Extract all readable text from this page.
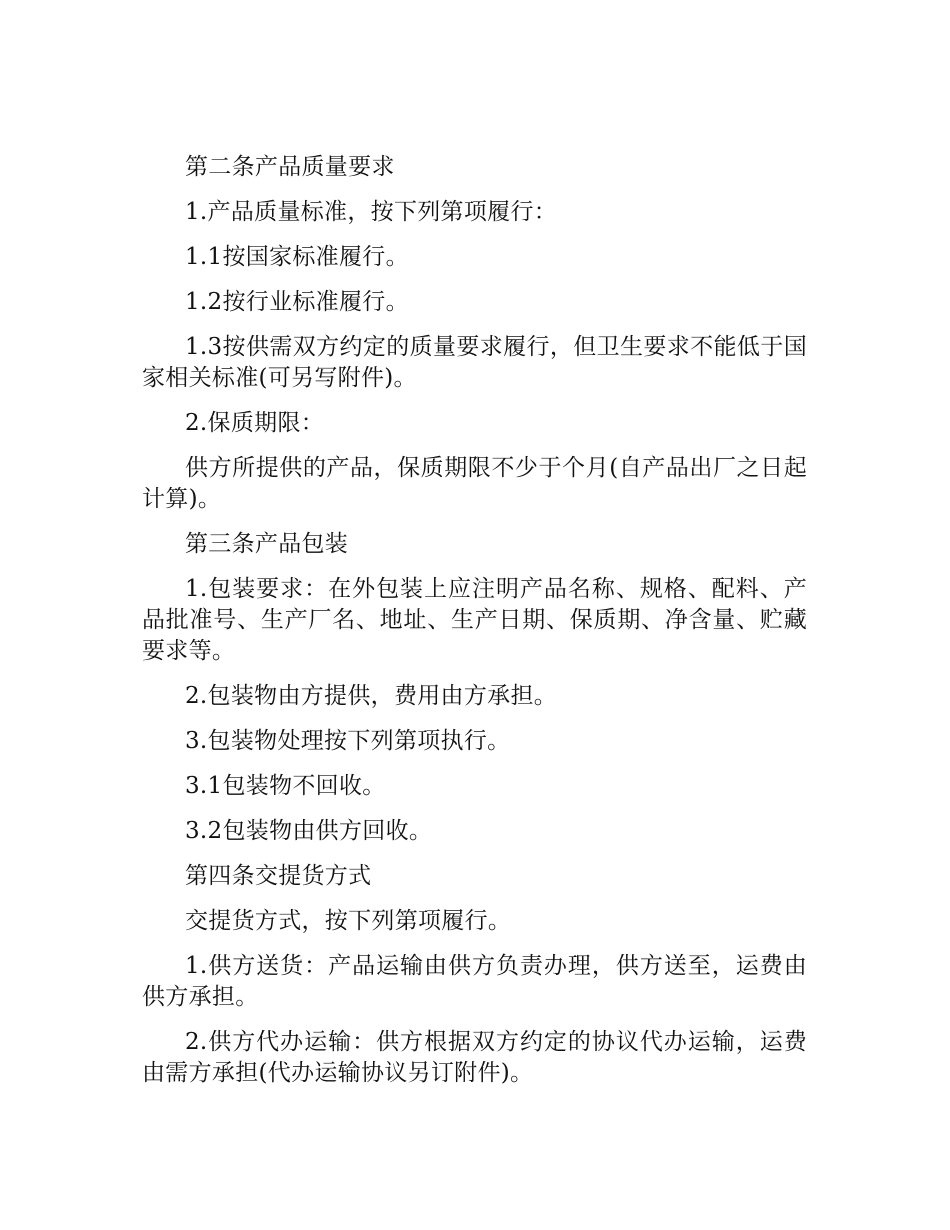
第二条产品质量要求

1.产品质量标准，按下列第项履行：

1.1按国家标准履行。

1.2按行业标准履行。

1.3按供需双方约定的质量要求履行，但卫生要求不能低于国家相关标准(可另写附件)。

2.保质期限：

供方所提供的产品，保质期限不少于个月(自产品出厂之日起计算)。

第三条产品包装

1.包装要求：在外包装上应注明产品名称、规格、配料、产品批准号、生产厂名、地址、生产日期、保质期、净含量、贮藏要求等。

2.包装物由方提供，费用由方承担。

3.包装物处理按下列第项执行。

3.1包装物不回收。

3.2包装物由供方回收。

第四条交提货方式

交提货方式，按下列第项履行。

1.供方送货：产品运输由供方负责办理，供方送至，运费由供方承担。

2.供方代办运输：供方根据双方约定的协议代办运输，运费由需方承担(代办运输协议另订附件)。
